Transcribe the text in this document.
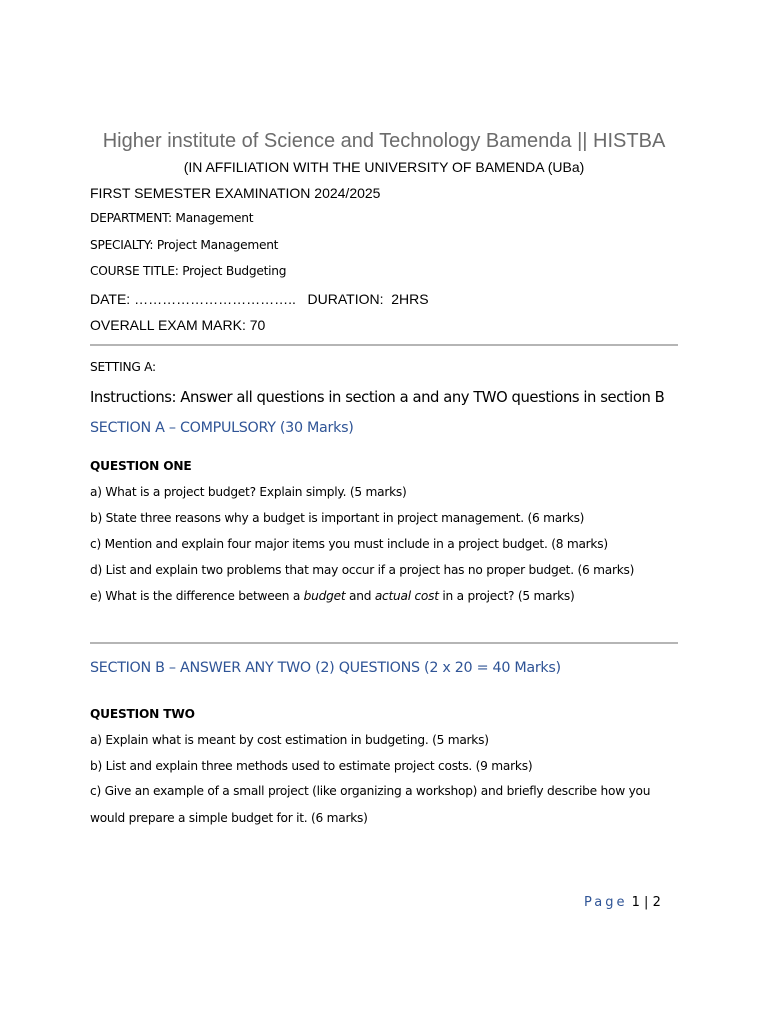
Higher institute of Science and Technology Bamenda || HISTBA
(IN AFFILIATION WITH THE UNIVERSITY OF BAMENDA (UBa)
FIRST SEMESTER EXAMINATION 2024/2025
DEPARTMENT: Management
SPECIALTY: Project Management
COURSE TITLE: Project Budgeting
DATE: ……………………………..   DURATION:  2HRS
OVERALL EXAM MARK: 70
SETTING A:
Instructions: Answer all questions in section a and any TWO questions in section B
SECTION A – COMPULSORY (30 Marks)
QUESTION ONE
a) What is a project budget? Explain simply. (5 marks)
b) State three reasons why a budget is important in project management. (6 marks)
c) Mention and explain four major items you must include in a project budget. (8 marks)
d) List and explain two problems that may occur if a project has no proper budget. (6 marks)
e) What is the difference between a budget and actual cost in a project? (5 marks)
SECTION B – ANSWER ANY TWO (2) QUESTIONS (2 x 20 = 40 Marks)
QUESTION TWO
a) Explain what is meant by cost estimation in budgeting. (5 marks)
b) List and explain three methods used to estimate project costs. (9 marks)
c) Give an example of a small project (like organizing a workshop) and briefly describe how you
would prepare a simple budget for it. (6 marks)
Page 1 | 2
